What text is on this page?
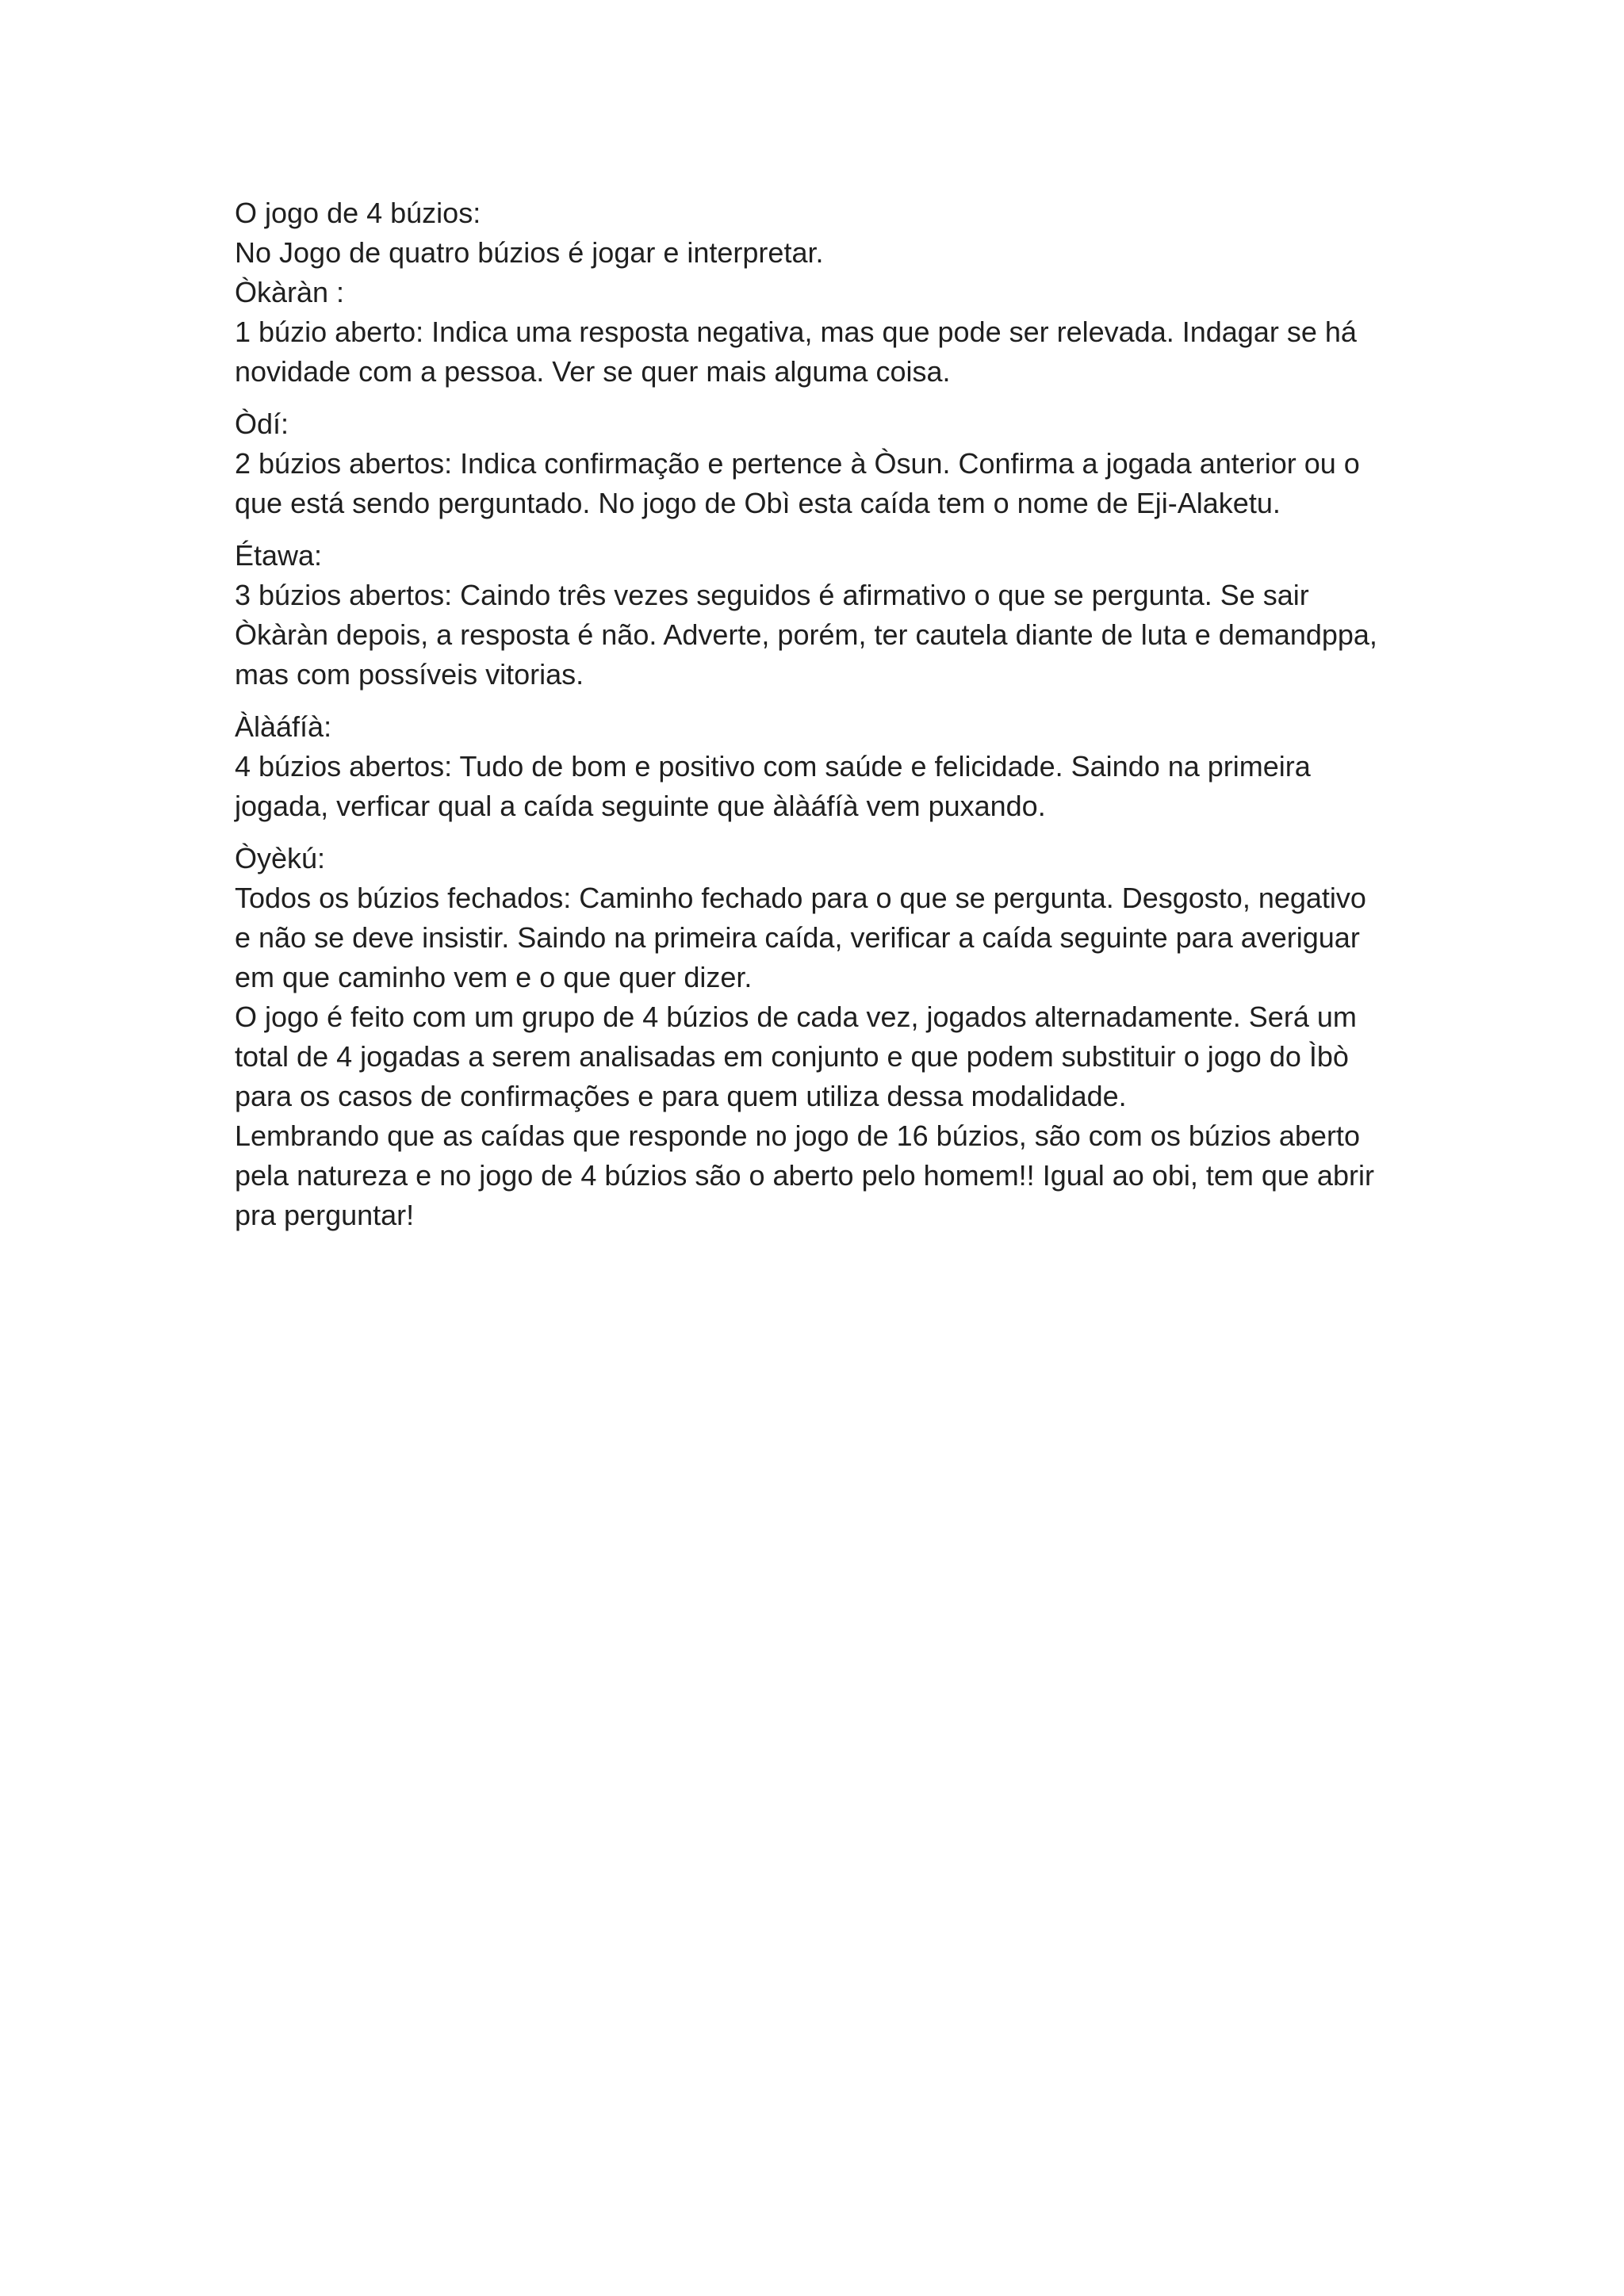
O jogo de 4 búzios:

No Jogo de quatro búzios é jogar e interpretar.

Òkàràn :

1 búzio aberto: Indica uma resposta negativa, mas que pode ser relevada. Indagar se há

novidade com a pessoa. Ver se quer mais alguma coisa.

Òdí:

2 búzios abertos: Indica confirmação e pertence à Òsun. Confirma a jogada anterior ou o

que está sendo perguntado. No jogo de Obì esta caída tem o nome de Eji-Alaketu.

Étawa:

3 búzios abertos: Caindo três vezes seguidos é afirmativo o que se pergunta. Se sair

Òkàràn depois, a resposta é não. Adverte, porém, ter cautela diante de luta e demandppa,

mas com possíveis vitorias.

Àlàáfíà:

4 búzios abertos: Tudo de bom e positivo com saúde e felicidade. Saindo na primeira

jogada, verficar qual a caída seguinte que àlàáfíà vem puxando.

Òyèkú:

Todos os búzios fechados: Caminho fechado para o que se pergunta. Desgosto, negativo

e não se deve insistir. Saindo na primeira caída, verificar a caída seguinte para averiguar

em que caminho vem e o que quer dizer.

O jogo é feito com um grupo de 4 búzios de cada vez, jogados alternadamente. Será um

total de 4 jogadas a serem analisadas em conjunto e que podem substituir o jogo do Ìbò

para os casos de confirmações e para quem utiliza dessa modalidade.

Lembrando que as caídas que responde no jogo de 16 búzios, são com os búzios aberto

pela natureza e no jogo de 4 búzios são o aberto pelo homem!! Igual ao obi, tem que abrir

pra perguntar!
